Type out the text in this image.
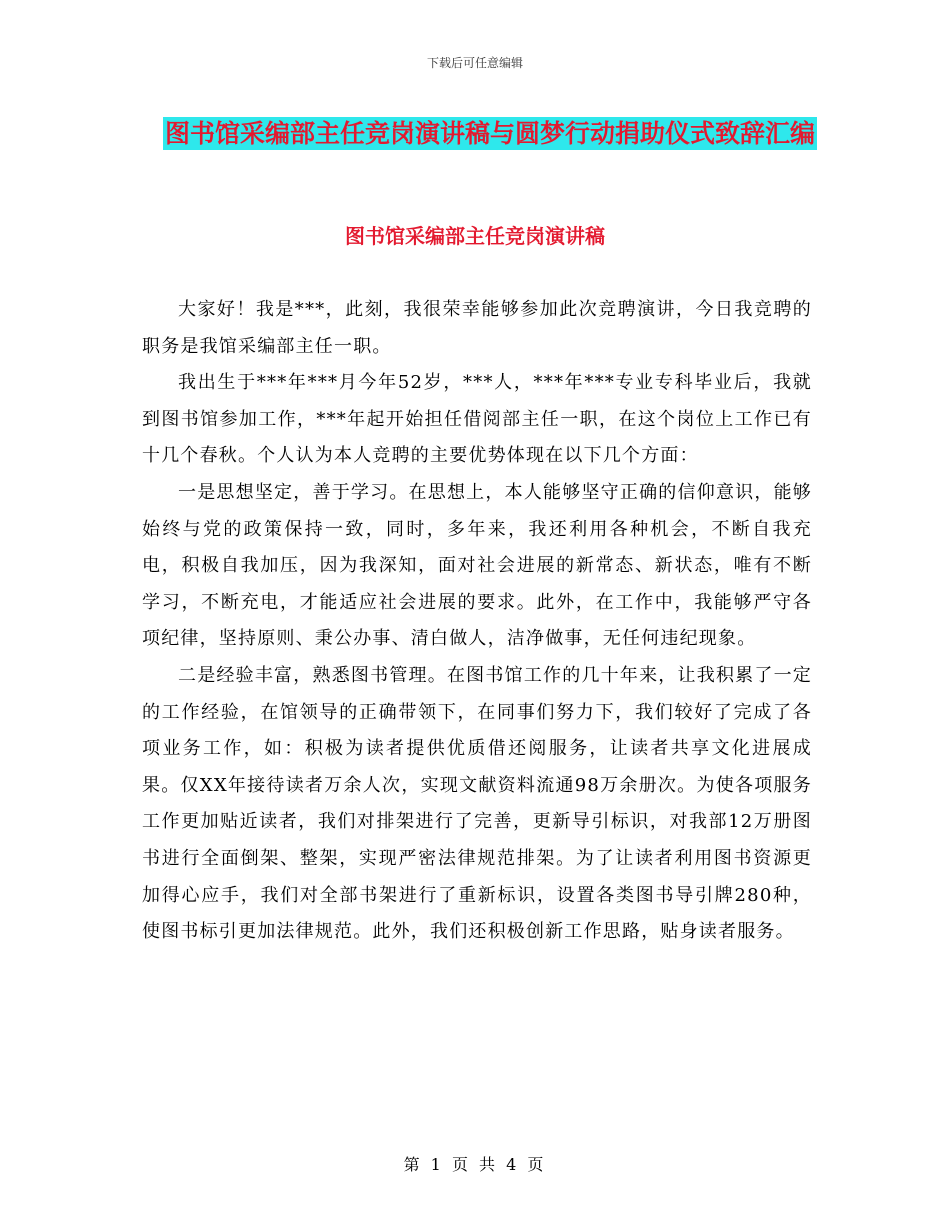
下载后可任意编辑
图书馆采编部主任竞岗演讲稿与圆梦行动捐助仪式致辞汇编
图书馆采编部主任竞岗演讲稿

大家好！我是***，此刻，我很荣幸能够参加此次竞聘演讲，今日我竞聘的职务是我馆采编部主任一职。

我出生于***年***月今年52岁，***人，***年***专业专科毕业后，我就到图书馆参加工作，***年起开始担任借阅部主任一职，在这个岗位上工作已有十几个春秋。个人认为本人竞聘的主要优势体现在以下几个方面：

一是思想坚定，善于学习。在思想上，本人能够坚守正确的信仰意识，能够始终与党的政策保持一致，同时，多年来，我还利用各种机会，不断自我充电，积极自我加压，因为我深知，面对社会进展的新常态、新状态，唯有不断学习，不断充电，才能适应社会进展的要求。此外，在工作中，我能够严守各项纪律，坚持原则、秉公办事、清白做人，洁净做事，无任何违纪现象。

二是经验丰富，熟悉图书管理。在图书馆工作的几十年来，让我积累了一定的工作经验，在馆领导的正确带领下，在同事们努力下，我们较好了完成了各项业务工作，如：积极为读者提供优质借还阅服务，让读者共享文化进展成果。仅XX年接待读者万余人次，实现文献资料流通98万余册次。为使各项服务工作更加贴近读者，我们对排架进行了完善，更新导引标识，对我部12万册图书进行全面倒架、整架，实现严密法律规范排架。为了让读者利用图书资源更加得心应手，我们对全部书架进行了重新标识，设置各类图书导引牌280种，使图书标引更加法律规范。此外，我们还积极创新工作思路，贴身读者服务。

第 1 页 共 4 页
